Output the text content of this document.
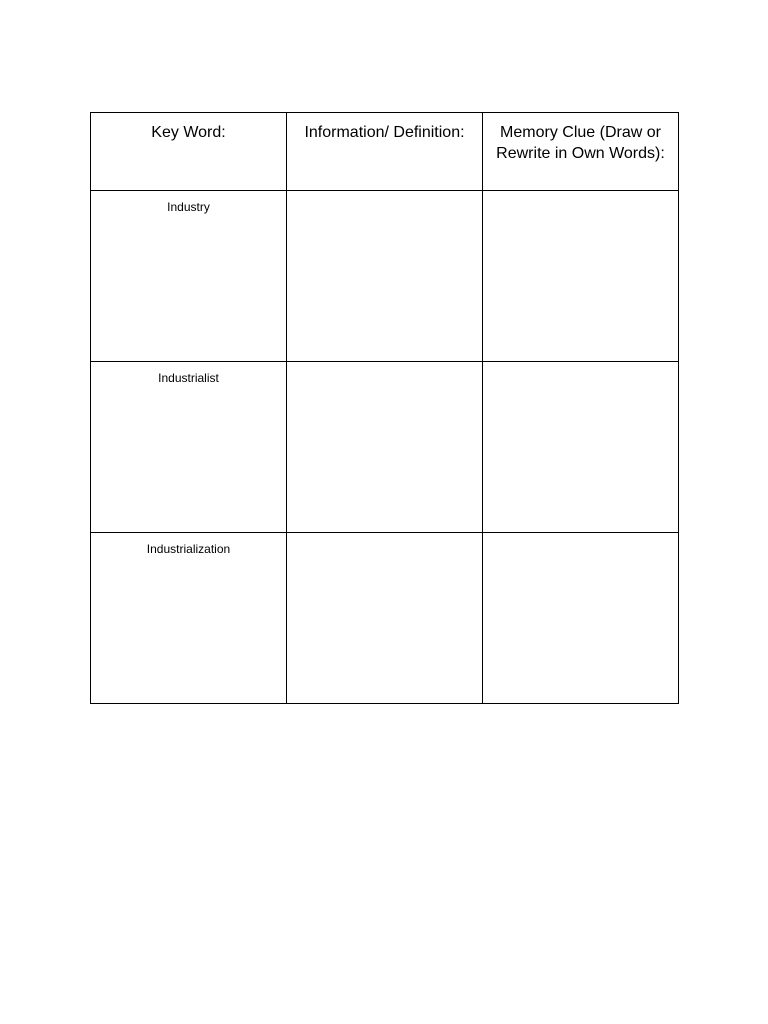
Key Word:	Information/ Definition:	Memory Clue (Draw or Rewrite in Own Words):
Industry		
Industrialist		
Industrialization		
